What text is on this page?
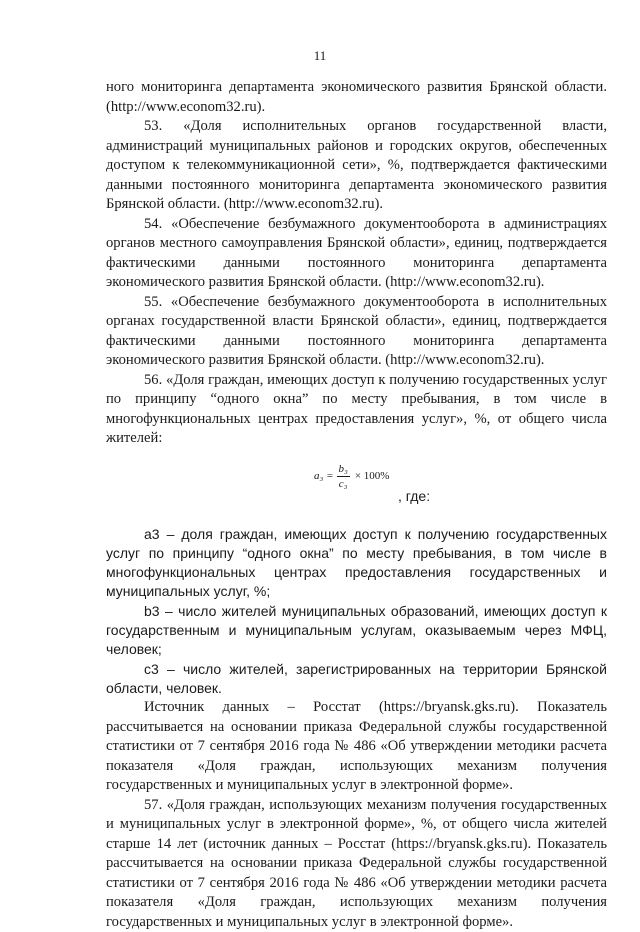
11

ного мониторинга департамента экономического развития Брянской области. (http://www.econom32.ru).

53. «Доля исполнительных органов государственной власти, администраций муниципальных районов и городских округов, обеспеченных доступом к телекоммуникационной сети», %, подтверждается фактическими данными постоянного мониторинга департамента экономического развития Брянской области. (http://www.econom32.ru).

54. «Обеспечение безбумажного документооборота в администрациях органов местного самоуправления Брянской области», единиц, подтверждается фактическими данными постоянного мониторинга департамента экономического развития Брянской области. (http://www.econom32.ru).

55. «Обеспечение безбумажного документооборота в исполнительных органах государственной власти Брянской области», единиц, подтверждается фактическими данными постоянного мониторинга департамента экономического развития Брянской области. (http://www.econom32.ru).

56. «Доля граждан, имеющих доступ к получению государственных услуг по принципу “одного окна” по месту пребывания, в том числе в многофункциональных центрах предоставления услуг», %, от общего числа жителей:

$a_3 = \frac{\text{b₃}}{\text{c₃}} \times 100\%$
, где:

а3 – доля граждан, имеющих доступ к получению государственных услуг по принципу “одного окна” по месту пребывания, в том числе в многофункциональных центрах предоставления государственных и муниципальных услуг, %;

b3 – число жителей муниципальных образований, имеющих доступ к государственным и муниципальным услугам, оказываемым через МФЦ, человек;

с3 – число жителей, зарегистрированных на территории Брянской области, человек.

Источник данных – Росстат (https://bryansk.gks.ru). Показатель рассчитывается на основании приказа Федеральной службы государственной статистики от 7 сентября 2016 года № 486 «Об утверждении методики расчета показателя «Доля граждан, использующих механизм получения государственных и муниципальных услуг в электронной форме».

57. «Доля граждан, использующих механизм получения государственных и муниципальных услуг в электронной форме», %, от общего числа жителей старше 14 лет (источник данных – Росстат (https://bryansk.gks.ru). Показатель рассчитывается на основании приказа Федеральной службы государственной статистики от 7 сентября 2016 года № 486 «Об утверждении методики расчета показателя «Доля граждан, использующих механизм получения государственных и муниципальных услуг в электронной форме».
